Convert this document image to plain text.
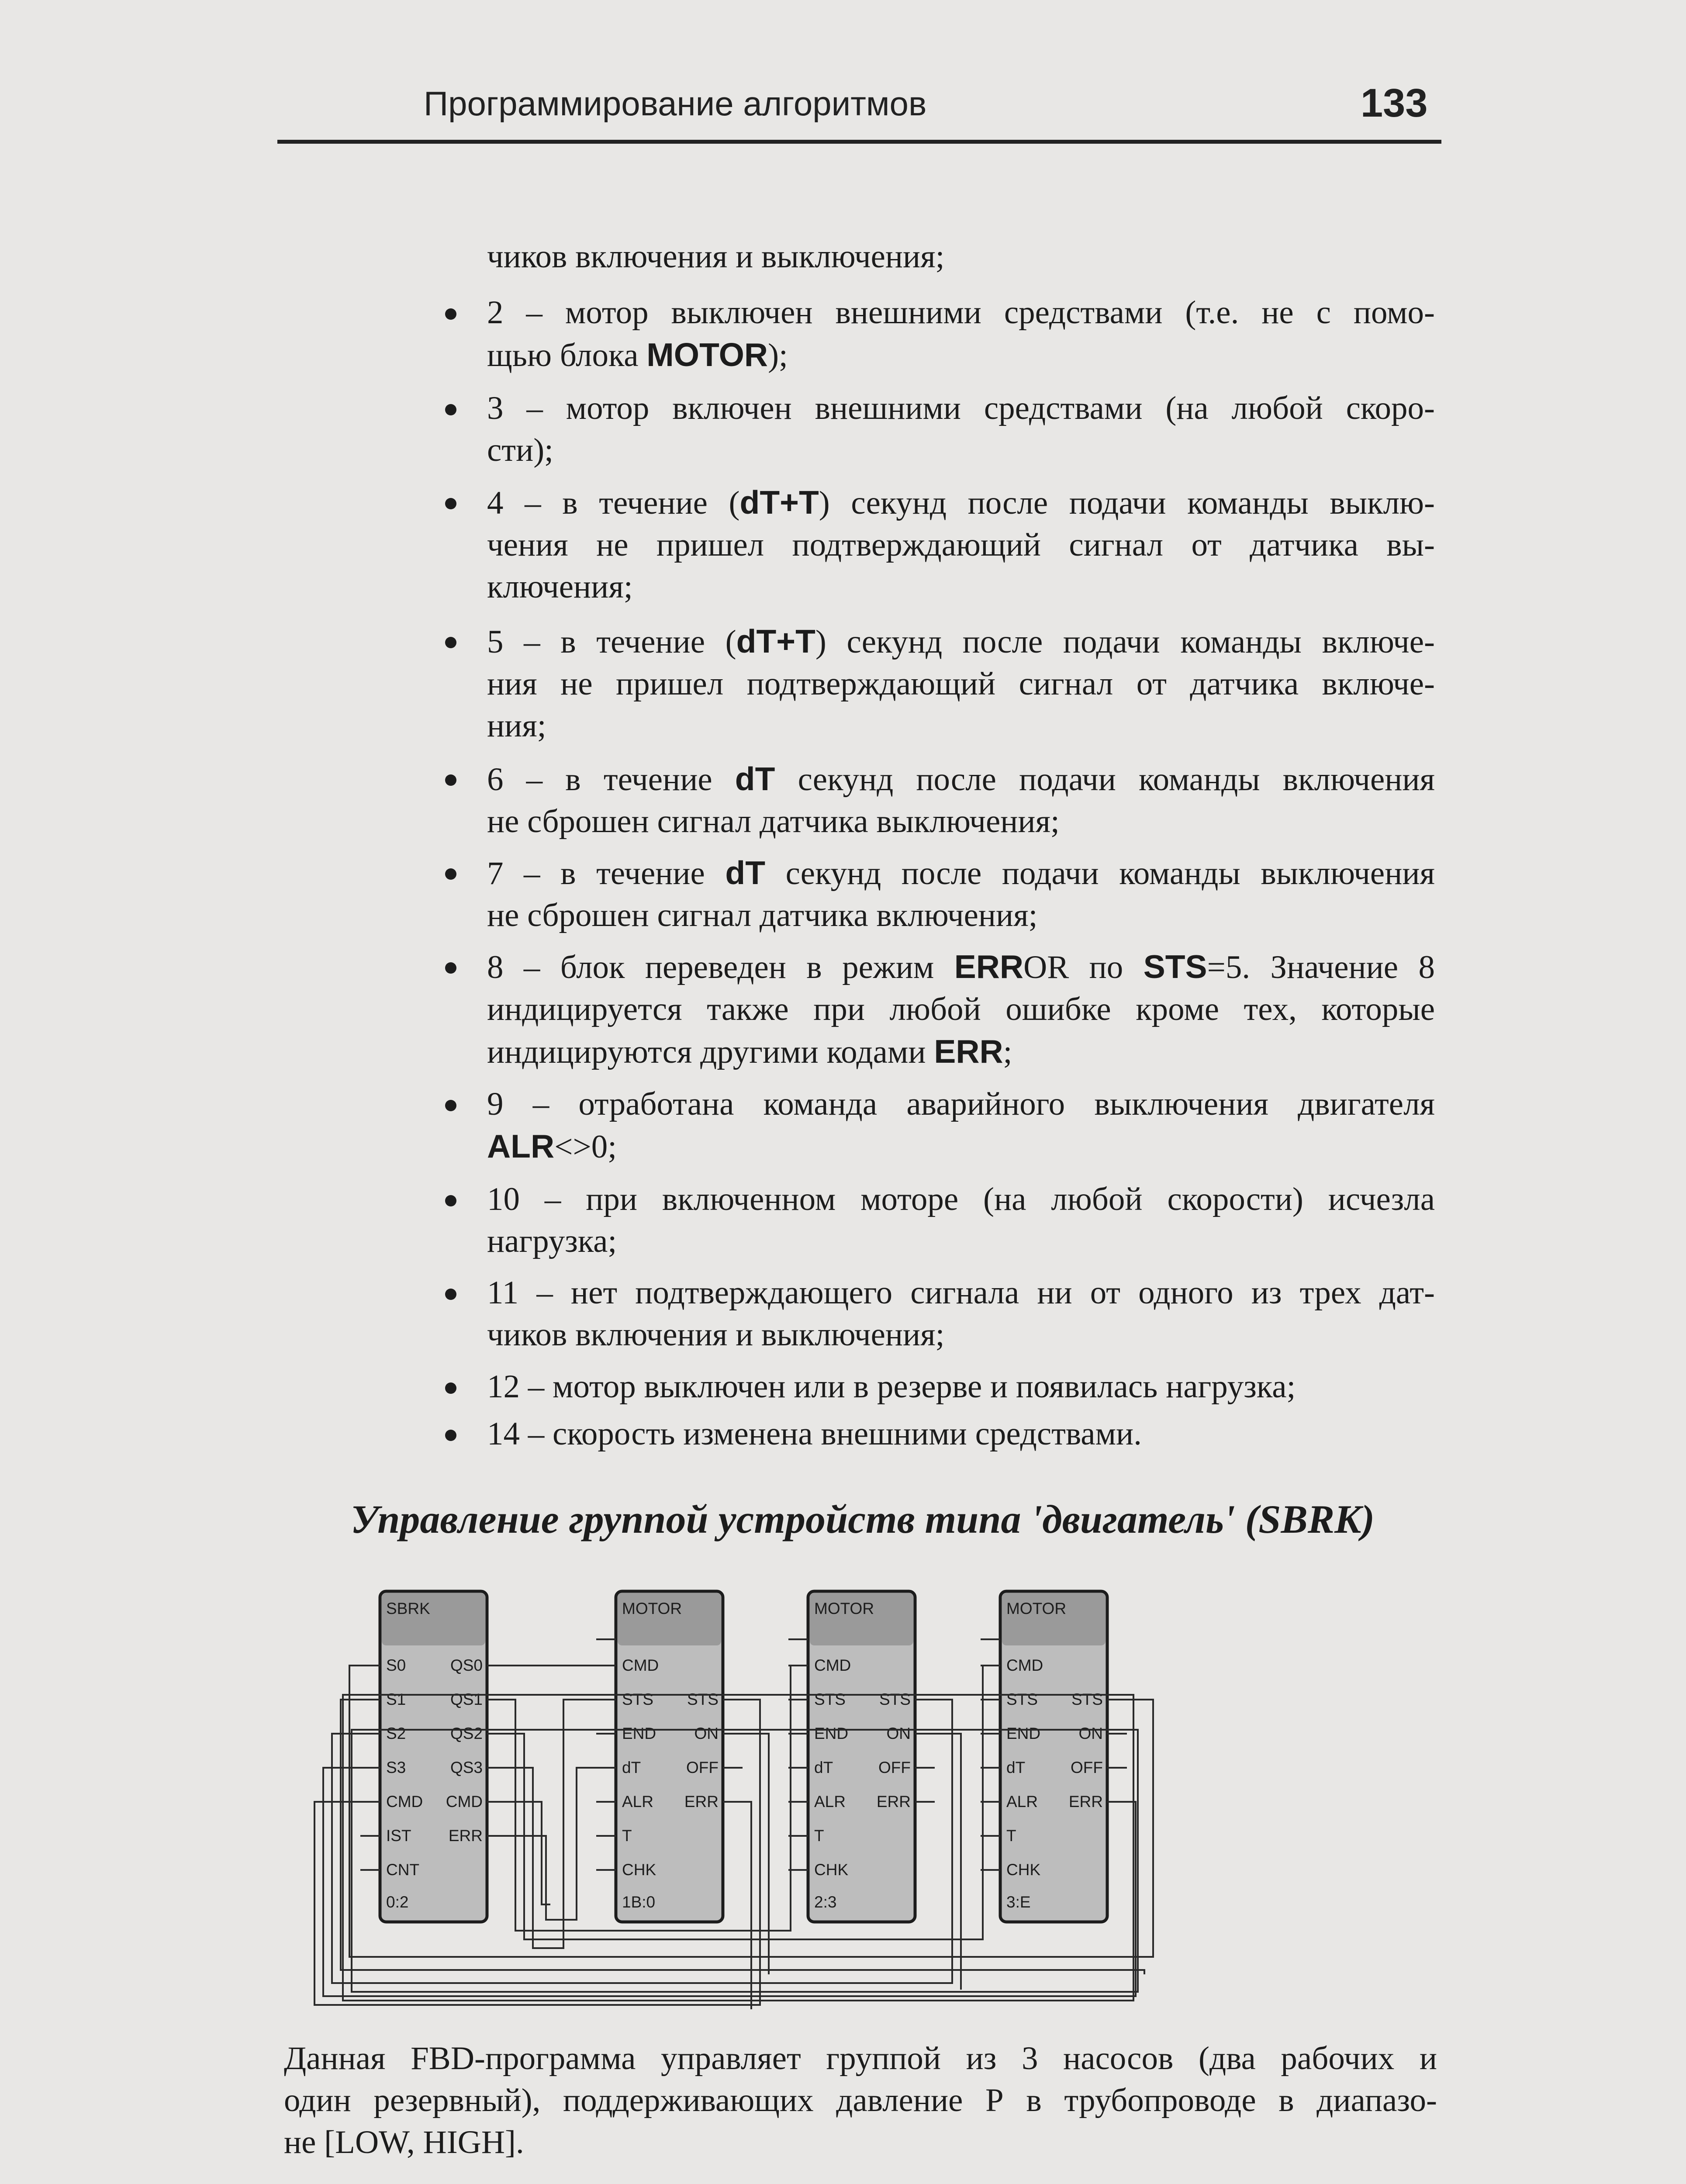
Программирование алгоритмов	133
чиков включения и выключения;
2 – мотор выключен внешними средствами (т.е. не с помо-
щью блока MOTOR);
3 – мотор включен внешними средствами (на любой скоро-
сти);
4 – в течение (dT+T) секунд после подачи команды выклю-
чения не пришел подтверждающий сигнал от датчика вы-
ключения;
5 – в течение (dT+T) секунд после подачи команды включе-
ния не пришел подтверждающий сигнал от датчика включе-
ния;
6 – в течение dT секунд после подачи команды включения
не сброшен сигнал датчика выключения;
7 – в течение dT секунд после подачи команды выключения
не сброшен сигнал датчика включения;
8 – блок переведен в режим ERROR по STS=5. Значение 8
индицируется также при любой ошибке кроме тех, которые
индицируются другими кодами ERR;
9 – отработана команда аварийного выключения двигателя
ALR<>0;
10 – при включенном моторе (на любой скорости) исчезла
нагрузка;
11 – нет подтверждающего сигнала ни от одного из трех дат-
чиков включения и выключения;
12 – мотор выключен или в резерве и появилась нагрузка;
14 – скорость изменена внешними средствами.
Управление группой устройств типа 'двигатель' (SBRK)
SBRK
S0
S1
S2
S3
CMD
IST
CNT
QS0
QS1
QS2
QS3
CMD
ERR
0:2
MOTOR
CMD
STS
END
dT
ALR
T
CHK
STS
ON
OFF
ERR
1B:0
MOTOR
CMD
STS
END
dT
ALR
T
CHK
STS
ON
OFF
ERR
2:3
MOTOR
CMD
STS
END
dT
ALR
T
CHK
STS
ON
OFF
ERR
3:E
Данная FBD-программа управляет группой из 3 насосов (два рабочих и
один резервный), поддерживающих давление Р в трубопроводе в диапазо-
не [LOW, HIGH].
